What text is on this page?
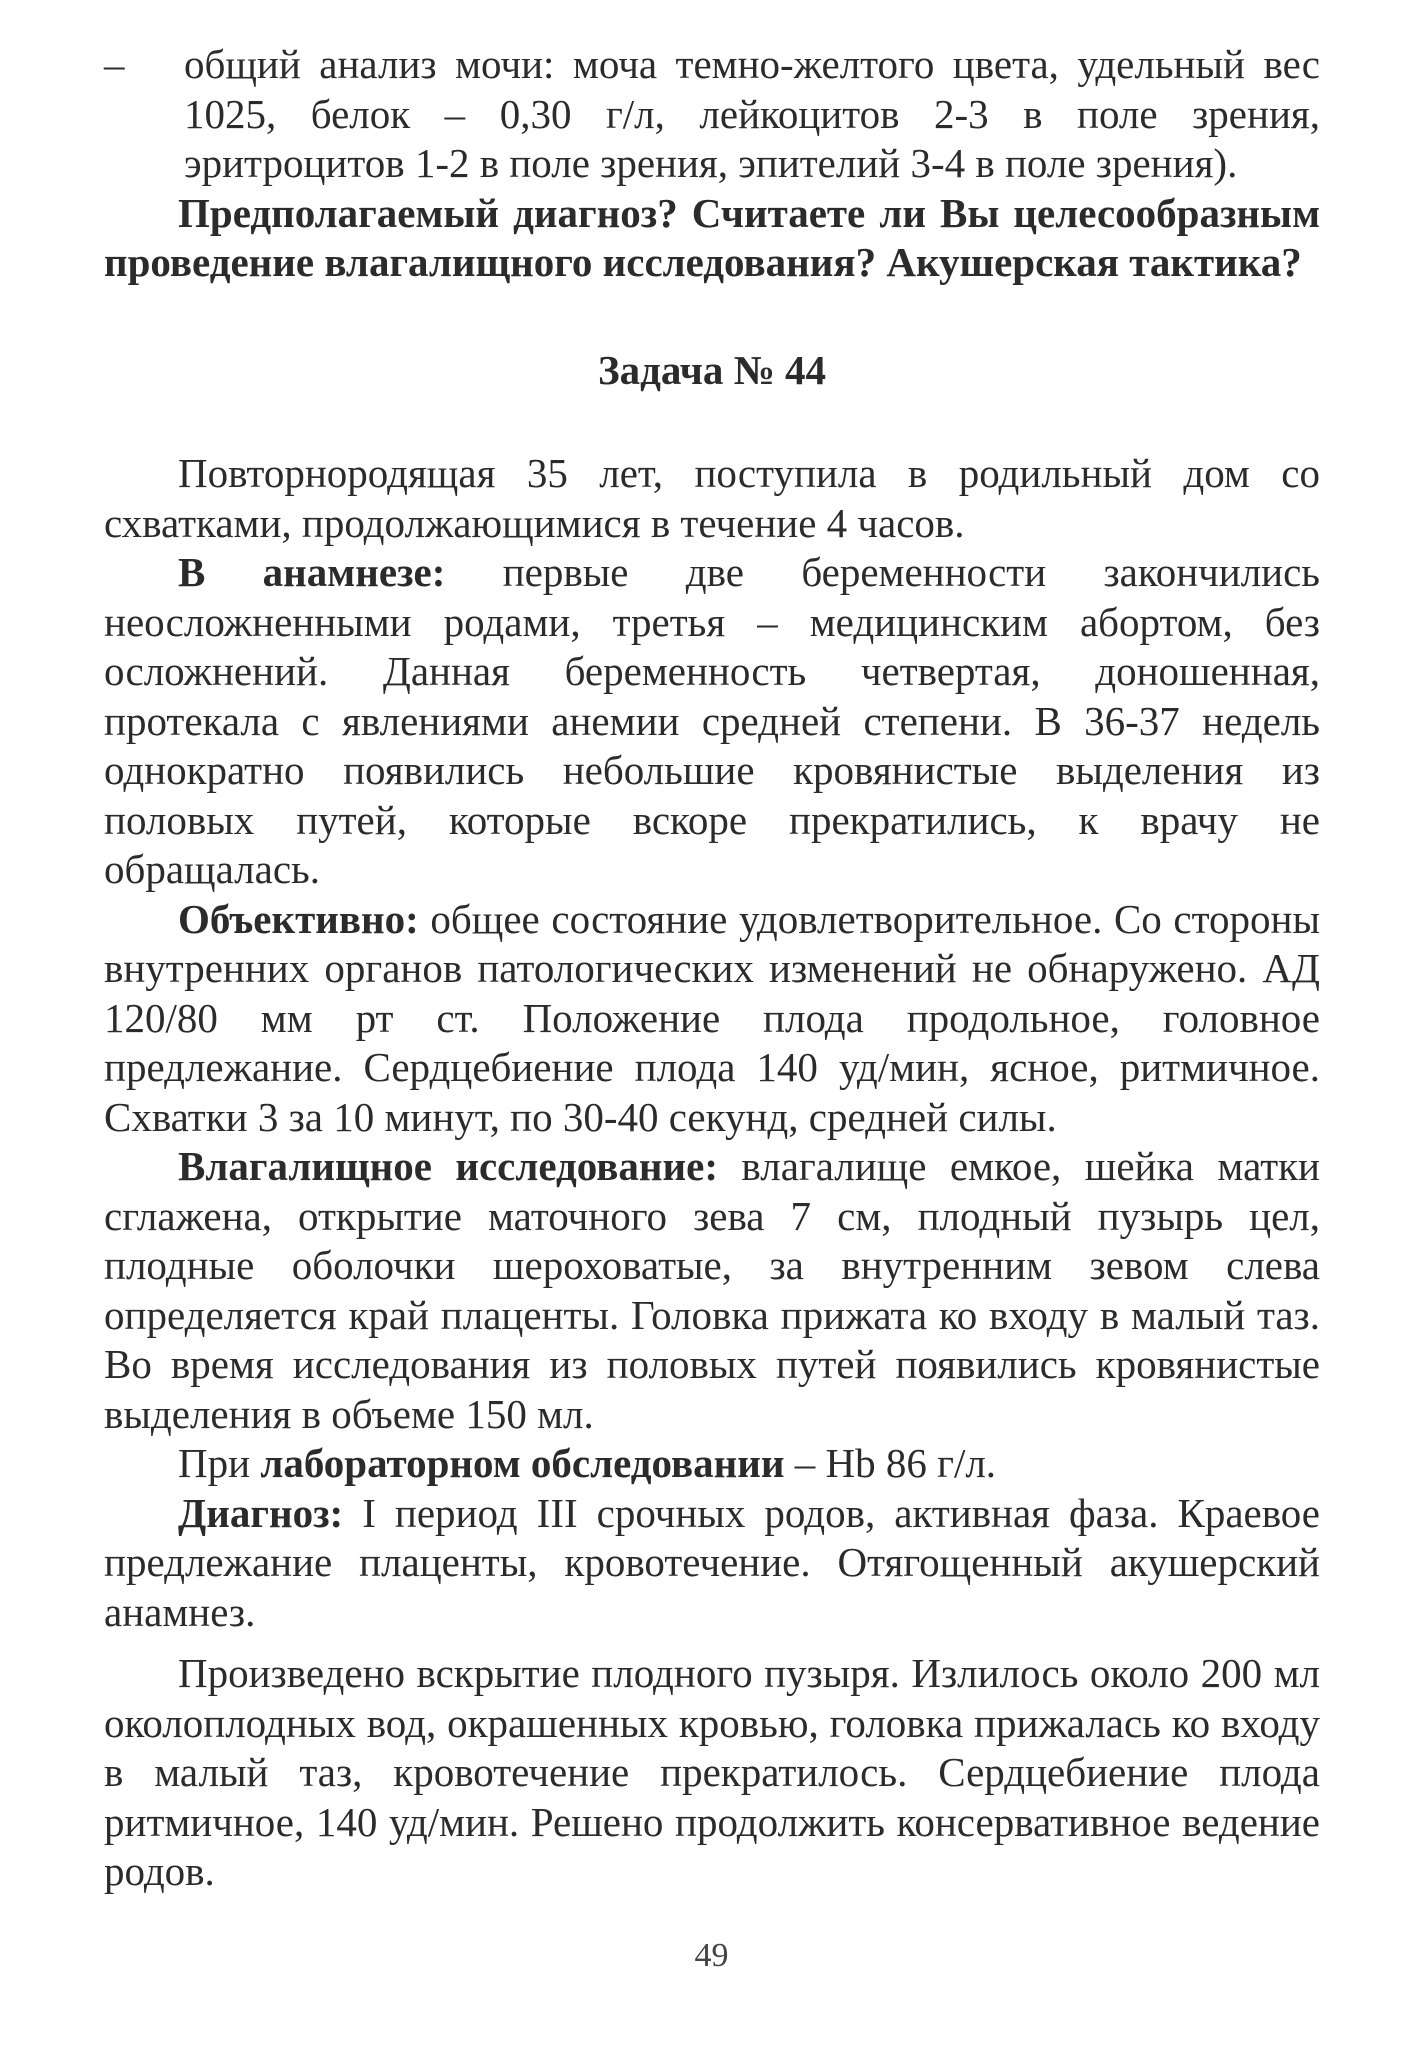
–	общий анализ мочи: моча темно-желтого цвета, удельный вес 1025, белок – 0,30 г/л, лейкоцитов 2-3 в поле зрения, эритроцитов 1-2 в поле зрения, эпителий 3-4 в поле зрения).

Предполагаемый диагноз? Считаете ли Вы целесообразным проведение влагалищного исследования? Акушерская тактика?

Задача № 44

Повторнородящая 35 лет, поступила в родильный дом со схватками, продолжающимися в течение 4 часов.

В анамнезе: первые две беременности закончились неосложненными родами, третья – медицинским абортом, без осложнений. Данная беременность четвертая, доношенная, протекала с явлениями анемии средней степени. В 36-37 недель однократно появились небольшие кровянистые выделения из половых путей, которые вскоре прекратились, к врачу не обращалась.

Объективно: общее состояние удовлетворительное. Со стороны внутренних органов патологических изменений не обнаружено. АД 120/80 мм рт ст. Положение плода продольное, головное предлежание. Сердцебиение плода 140 уд/мин, ясное, ритмичное. Схватки 3 за 10 минут, по 30-40 секунд, средней силы.

Влагалищное исследование: влагалище емкое, шейка матки сглажена, открытие маточного зева 7 см, плодный пузырь цел, плодные оболочки шероховатые, за внутренним зевом слева определяется край плаценты. Головка прижата ко входу в малый таз. Во время исследования из половых путей появились кровянистые выделения в объеме 150 мл.

При лабораторном обследовании – Hb 86 г/л.

Диагноз: I период III срочных родов, активная фаза. Краевое предлежание плаценты, кровотечение. Отягощенный акушерский анамнез.

Произведено вскрытие плодного пузыря. Излилось около 200 мл околоплодных вод, окрашенных кровью, головка прижалась ко входу в малый таз, кровотечение прекратилось. Сердцебиение плода ритмичное, 140 уд/мин. Решено продолжить консервативное ведение родов.

49
